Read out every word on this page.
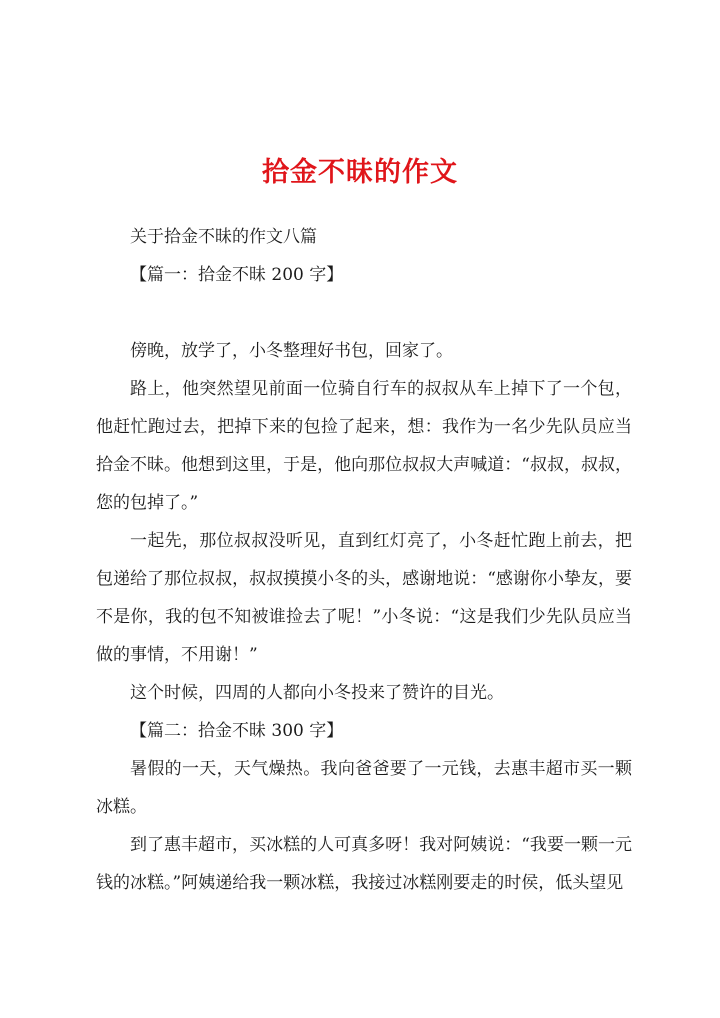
拾金不昧的作文
关于拾金不昧的作文八篇
【篇一：拾金不昧 200 字】
傍晚，放学了，小冬整理好书包，回家了。
路上，他突然望见前面一位骑自行车的叔叔从车上掉下了一个包，他赶忙跑过去，把掉下来的包捡了起来，想：我作为一名少先队员应当拾金不昧。他想到这里，于是，他向那位叔叔大声喊道：“叔叔，叔叔，您的包掉了。”
一起先，那位叔叔没听见，直到红灯亮了，小冬赶忙跑上前去，把包递给了那位叔叔，叔叔摸摸小冬的头，感谢地说：“感谢你小挚友，要不是你，我的包不知被谁捡去了呢！”小冬说：“这是我们少先队员应当做的事情，不用谢！”
这个时候，四周的人都向小冬投来了赞许的目光。
【篇二：拾金不昧 300 字】
暑假的一天，天气燥热。我向爸爸要了一元钱，去惠丰超市买一颗冰糕。
到了惠丰超市，买冰糕的人可真多呀！我对阿姨说：“我要一颗一元钱的冰糕。”阿姨递给我一颗冰糕，我接过冰糕刚要走的时侯，低头望见
